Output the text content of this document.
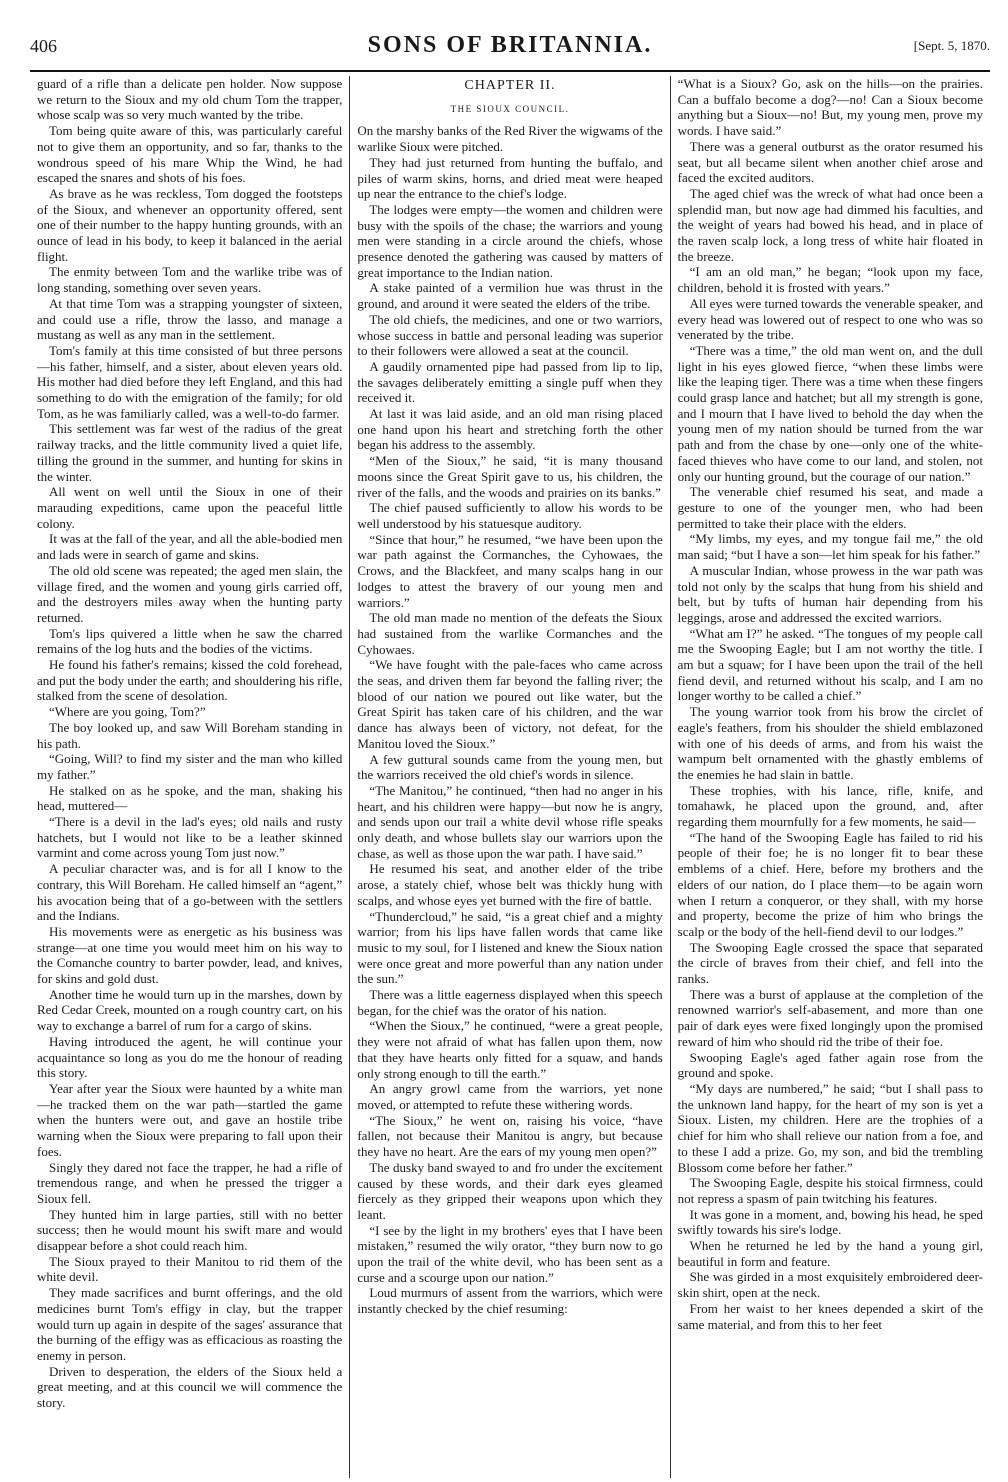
406	SONS OF BRITANNIA.	[Sept. 5, 1870.

guard of a rifle than a delicate pen holder. Now suppose we return to the Sioux and my old chum Tom the trapper, whose scalp was so very much wanted by the tribe.

Tom being quite aware of this, was particularly careful not to give them an opportunity, and so far, thanks to the wondrous speed of his mare Whip the Wind, he had escaped the snares and shots of his foes.

As brave as he was reckless, Tom dogged the footsteps of the Sioux, and whenever an opportunity offered, sent one of their number to the happy hunting grounds, with an ounce of lead in his body, to keep it balanced in the aerial flight.

The enmity between Tom and the warlike tribe was of long standing, something over seven years.

At that time Tom was a strapping youngster of sixteen, and could use a rifle, throw the lasso, and manage a mustang as well as any man in the settlement.

Tom's family at this time consisted of but three persons—his father, himself, and a sister, about eleven years old. His mother had died before they left England, and this had something to do with the emigration of the family; for old Tom, as he was familiarly called, was a well-to-do farmer.

This settlement was far west of the radius of the great railway tracks, and the little community lived a quiet life, tilling the ground in the summer, and hunting for skins in the winter.

All went on well until the Sioux in one of their marauding expeditions, came upon the peaceful little colony.

It was at the fall of the year, and all the able-bodied men and lads were in search of game and skins.

The old old scene was repeated; the aged men slain, the village fired, and the women and young girls carried off, and the destroyers miles away when the hunting party returned.

Tom's lips quivered a little when he saw the charred remains of the log huts and the bodies of the victims.

He found his father's remains; kissed the cold forehead, and put the body under the earth; and shouldering his rifle, stalked from the scene of desolation.

“Where are you going, Tom?”

The boy looked up, and saw Will Boreham standing in his path.

“Going, Will? to find my sister and the man who killed my father.”

He stalked on as he spoke, and the man, shaking his head, muttered—

“There is a devil in the lad's eyes; old nails and rusty hatchets, but I would not like to be a leather skinned varmint and come across young Tom just now.”

A peculiar character was, and is for all I know to the contrary, this Will Boreham. He called himself an “agent,” his avocation being that of a go-between with the settlers and the Indians.

His movements were as energetic as his business was strange—at one time you would meet him on his way to the Comanche country to barter powder, lead, and knives, for skins and gold dust.

Another time he would turn up in the marshes, down by Red Cedar Creek, mounted on a rough country cart, on his way to exchange a barrel of rum for a cargo of skins.

Having introduced the agent, he will continue your acquaintance so long as you do me the honour of reading this story.

Year after year the Sioux were haunted by a white man—he tracked them on the war path—startled the game when the hunters were out, and gave an hostile tribe warning when the Sioux were preparing to fall upon their foes.

Singly they dared not face the trapper, he had a rifle of tremendous range, and when he pressed the trigger a Sioux fell.

They hunted him in large parties, still with no better success; then he would mount his swift mare and would disappear before a shot could reach him.

The Sioux prayed to their Manitou to rid them of the white devil.

They made sacrifices and burnt offerings, and the old medicines burnt Tom's effigy in clay, but the trapper would turn up again in despite of the sages' assurance that the burning of the effigy was as efficacious as roasting the enemy in person.

Driven to desperation, the elders of the Sioux held a great meeting, and at this council we will commence the story.

CHAPTER II.
THE SIOUX COUNCIL.

On the marshy banks of the Red River the wigwams of the warlike Sioux were pitched.

They had just returned from hunting the buffalo, and piles of warm skins, horns, and dried meat were heaped up near the entrance to the chief's lodge.

The lodges were empty—the women and children were busy with the spoils of the chase; the warriors and young men were standing in a circle around the chiefs, whose presence denoted the gathering was caused by matters of great importance to the Indian nation.

A stake painted of a vermilion hue was thrust in the ground, and around it were seated the elders of the tribe.

The old chiefs, the medicines, and one or two warriors, whose success in battle and personal leading was superior to their followers were allowed a seat at the council.

A gaudily ornamented pipe had passed from lip to lip, the savages deliberately emitting a single puff when they received it.

At last it was laid aside, and an old man rising placed one hand upon his heart and stretching forth the other began his address to the assembly.

“Men of the Sioux,” he said, “it is many thousand moons since the Great Spirit gave to us, his children, the river of the falls, and the woods and prairies on its banks.”

The chief paused sufficiently to allow his words to be well understood by his statuesque auditory.

“Since that hour,” he resumed, “we have been upon the war path against the Cormanches, the Cyhowaes, the Crows, and the Blackfeet, and many scalps hang in our lodges to attest the bravery of our young men and warriors.”

The old man made no mention of the defeats the Sioux had sustained from the warlike Cormanches and the Cyhowaes.

“We have fought with the pale-faces who came across the seas, and driven them far beyond the falling river; the blood of our nation we poured out like water, but the Great Spirit has taken care of his children, and the war dance has always been of victory, not defeat, for the Manitou loved the Sioux.”

A few guttural sounds came from the young men, but the warriors received the old chief's words in silence.

“The Manitou,” he continued, “then had no anger in his heart, and his children were happy—but now he is angry, and sends upon our trail a white devil whose rifle speaks only death, and whose bullets slay our warriors upon the chase, as well as those upon the war path. I have said.”

He resumed his seat, and another elder of the tribe arose, a stately chief, whose belt was thickly hung with scalps, and whose eyes yet burned with the fire of battle.

“Thundercloud,” he said, “is a great chief and a mighty warrior; from his lips have fallen words that came like music to my soul, for I listened and knew the Sioux nation were once great and more powerful than any nation under the sun.”

There was a little eagerness displayed when this speech began, for the chief was the orator of his nation.

“When the Sioux,” he continued, “were a great people, they were not afraid of what has fallen upon them, now that they have hearts only fitted for a squaw, and hands only strong enough to till the earth.”

An angry growl came from the warriors, yet none moved, or attempted to refute these withering words.

“The Sioux,” he went on, raising his voice, “have fallen, not because their Manitou is angry, but because they have no heart. Are the ears of my young men open?”

The dusky band swayed to and fro under the excitement caused by these words, and their dark eyes gleamed fiercely as they gripped their weapons upon which they leant.

“I see by the light in my brothers' eyes that I have been mistaken,” resumed the wily orator, “they burn now to go upon the trail of the white devil, who has been sent as a curse and a scourge upon our nation.”

Loud murmurs of assent from the warriors, which were instantly checked by the chief resuming:

“What is a Sioux? Go, ask on the hills—on the prairies. Can a buffalo become a dog?—no! Can a Sioux become anything but a Sioux—no! But, my young men, prove my words. I have said.”

There was a general outburst as the orator resumed his seat, but all became silent when another chief arose and faced the excited auditors.

The aged chief was the wreck of what had once been a splendid man, but now age had dimmed his faculties, and the weight of years had bowed his head, and in place of the raven scalp lock, a long tress of white hair floated in the breeze.

“I am an old man,” he began; “look upon my face, children, behold it is frosted with years.”

All eyes were turned towards the venerable speaker, and every head was lowered out of respect to one who was so venerated by the tribe.

“There was a time,” the old man went on, and the dull light in his eyes glowed fierce, “when these limbs were like the leaping tiger. There was a time when these fingers could grasp lance and hatchet; but all my strength is gone, and I mourn that I have lived to behold the day when the young men of my nation should be turned from the war path and from the chase by one—only one of the white-faced thieves who have come to our land, and stolen, not only our hunting ground, but the courage of our nation.”

The venerable chief resumed his seat, and made a gesture to one of the younger men, who had been permitted to take their place with the elders.

“My limbs, my eyes, and my tongue fail me,” the old man said; “but I have a son—let him speak for his father.”

A muscular Indian, whose prowess in the war path was told not only by the scalps that hung from his shield and belt, but by tufts of human hair depending from his leggings, arose and addressed the excited warriors.

“What am I?” he asked. “The tongues of my people call me the Swooping Eagle; but I am not worthy the title. I am but a squaw; for I have been upon the trail of the hell fiend devil, and returned without his scalp, and I am no longer worthy to be called a chief.”

The young warrior took from his brow the circlet of eagle's feathers, from his shoulder the shield emblazoned with one of his deeds of arms, and from his waist the wampum belt ornamented with the ghastly emblems of the enemies he had slain in battle.

These trophies, with his lance, rifle, knife, and tomahawk, he placed upon the ground, and, after regarding them mournfully for a few moments, he said—

“The hand of the Swooping Eagle has failed to rid his people of their foe; he is no longer fit to bear these emblems of a chief. Here, before my brothers and the elders of our nation, do I place them—to be again worn when I return a conqueror, or they shall, with my horse and property, become the prize of him who brings the scalp or the body of the hell-fiend devil to our lodges.”

The Swooping Eagle crossed the space that separated the circle of braves from their chief, and fell into the ranks.

There was a burst of applause at the completion of the renowned warrior's self-abasement, and more than one pair of dark eyes were fixed longingly upon the promised reward of him who should rid the tribe of their foe.

Swooping Eagle's aged father again rose from the ground and spoke.

“My days are numbered,” he said; “but I shall pass to the unknown land happy, for the heart of my son is yet a Sioux. Listen, my children. Here are the trophies of a chief for him who shall relieve our nation from a foe, and to these I add a prize. Go, my son, and bid the trembling Blossom come before her father.”

The Swooping Eagle, despite his stoical firmness, could not repress a spasm of pain twitching his features.

It was gone in a moment, and, bowing his head, he sped swiftly towards his sire's lodge.

When he returned he led by the hand a young girl, beautiful in form and feature.

She was girded in a most exquisitely embroidered deer-skin shirt, open at the neck.

From her waist to her knees depended a skirt of the same material, and from this to her feet
